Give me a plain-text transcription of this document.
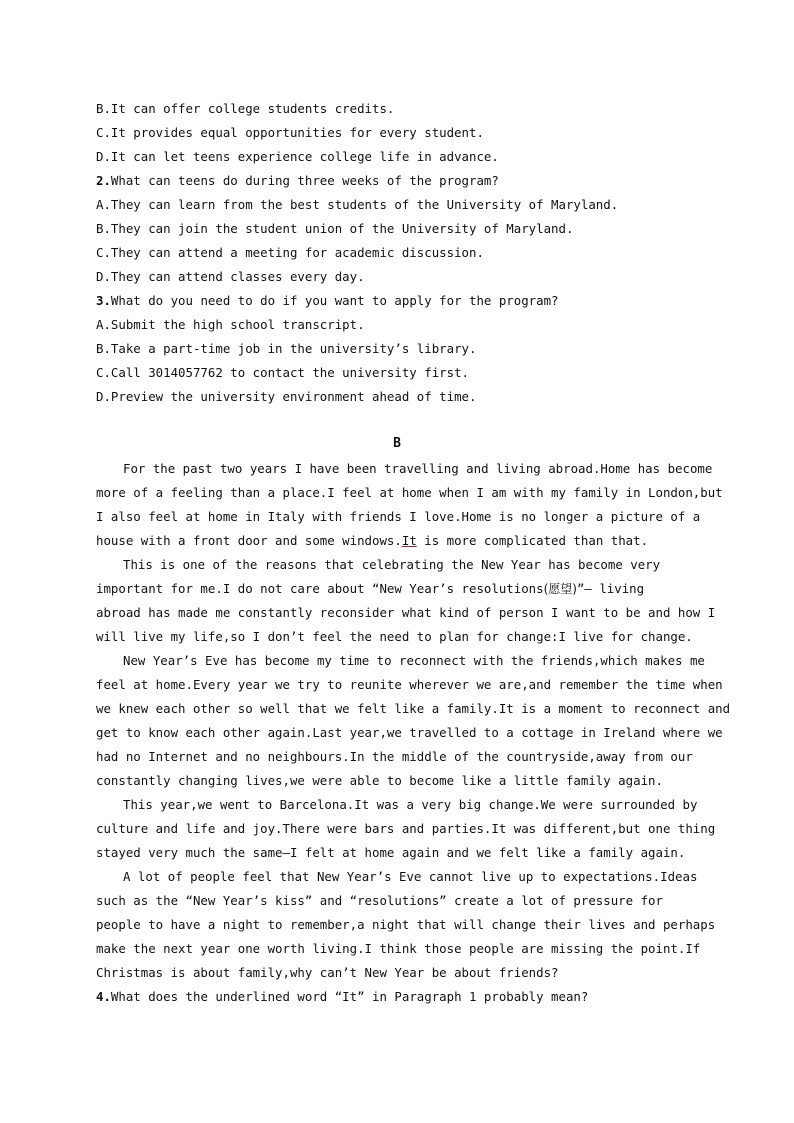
B.It can offer college students credits.
C.It provides equal opportunities for every student.
D.It can let teens experience college life in advance.
2.What can teens do during three weeks of the program?
A.They can learn from the best students of the University of Maryland.
B.They can join the student union of the University of Maryland.
C.They can attend a meeting for academic discussion.
D.They can attend classes every day.
3.What do you need to do if you want to apply for the program?
A.Submit the high school transcript.
B.Take a part-time job in the university’s library.
C.Call 3014057762 to contact the university first.
D.Preview the university environment ahead of time.
B
For the past two years I have been travelling and living abroad.Home has become
more of a feeling than a place.I feel at home when I am with my family in London,but
I also feel at home in Italy with friends I love.Home is no longer a picture of a
house with a front door and some windows.It is more complicated than that.
This is one of the reasons that celebrating the New Year has become very
important for me.I do not care about “New Year’s resolutions(愿望)”— living
abroad has made me constantly reconsider what kind of person I want to be and how I
will live my life,so I don’t feel the need to plan for change:I live for change.
New Year’s Eve has become my time to reconnect with the friends,which makes me
feel at home.Every year we try to reunite wherever we are,and remember the time when
we knew each other so well that we felt like a family.It is a moment to reconnect and
get to know each other again.Last year,we travelled to a cottage in Ireland where we
had no Internet and no neighbours.In the middle of the countryside,away from our
constantly changing lives,we were able to become like a little family again.
This year,we went to Barcelona.It was a very big change.We were surrounded by
culture and life and joy.There were bars and parties.It was different,but one thing
stayed very much the same—I felt at home again and we felt like a family again.
A lot of people feel that New Year’s Eve cannot live up to expectations.Ideas
such as the “New Year’s kiss” and “resolutions” create a lot of pressure for
people to have a night to remember,a night that will change their lives and perhaps
make the next year one worth living.I think those people are missing the point.If
Christmas is about family,why can’t New Year be about friends?
4.What does the underlined word “It” in Paragraph 1 probably mean?
